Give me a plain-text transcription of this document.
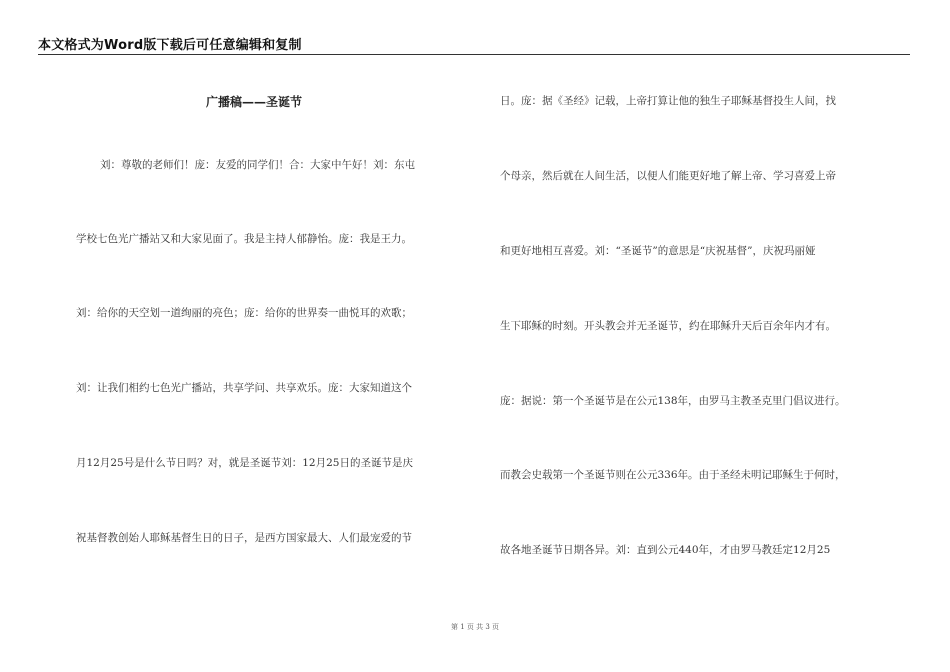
本文格式为Word版下载后可任意编辑和复制
广播稿——圣诞节
刘：尊敬的老师们！庞：友爱的同学们！合：大家中午好！刘：东屯
学校七色光广播站又和大家见面了。我是主持人郁静怡。庞：我是王力。
刘：给你的天空划一道绚丽的亮色；庞：给你的世界奏一曲悦耳的欢歌；
刘：让我们相约七色光广播站，共享学问、共享欢乐。庞：大家知道这个
月12月25号是什么节日吗？对，就是圣诞节刘：12月25日的圣诞节是庆
祝基督教创始人耶稣基督生日的日子，是西方国家最大、人们最宠爱的节
日。庞：据《圣经》记载，上帝打算让他的独生子耶稣基督投生人间，找
个母亲，然后就在人间生活，以便人们能更好地了解上帝、学习喜爱上帝
和更好地相互喜爱。刘：“圣诞节”的意思是“庆祝基督”，庆祝玛丽娅
生下耶稣的时刻。开头教会并无圣诞节，约在耶稣升天后百余年内才有。
庞：据说：第一个圣诞节是在公元138年，由罗马主教圣克里门倡议进行。
而教会史载第一个圣诞节则在公元336年。由于圣经未明记耶稣生于何时，
故各地圣诞节日期各异。刘：直到公元440年，才由罗马教廷定12月25
第 1 页 共 3 页
